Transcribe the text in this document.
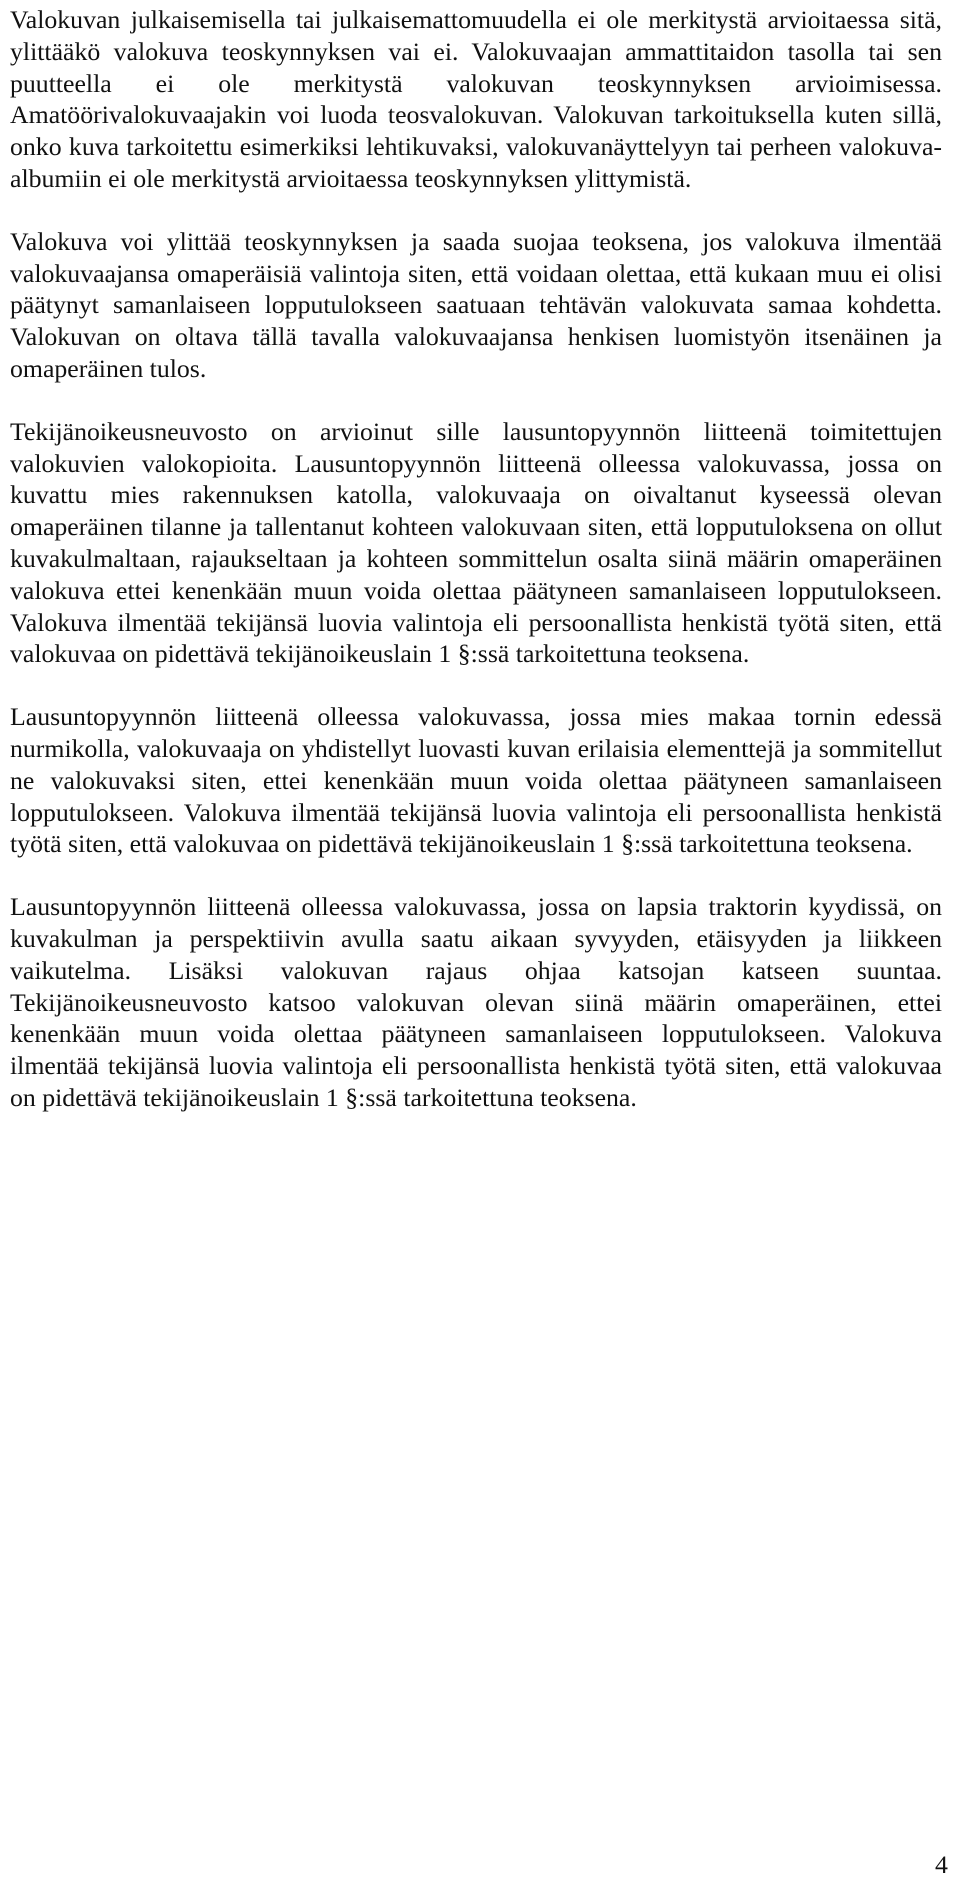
Valokuvan julkaisemisella tai julkaisemattomuudella ei ole merkitystä arvioitaessa sitä, ylittääkö valokuva teoskynnyksen vai ei. Valokuvaajan ammattitaidon tasolla tai sen puutteella ei ole merkitystä valokuvan teoskynnyksen arvioimisessa. Amatöörivalokuvaajakin voi luoda teosvalokuvan. Valokuvan tarkoituksella kuten sillä, onko kuva tarkoitettu esimerkiksi lehtikuvaksi, valokuvanäyttelyyn tai perheen valokuva-albumiin ei ole merkitystä arvioitaessa teoskynnyksen ylittymistä.

Valokuva voi ylittää teoskynnyksen ja saada suojaa teoksena, jos valokuva ilmentää valokuvaajansa omaperäisiä valintoja siten, että voidaan olettaa, että kukaan muu ei olisi päätynyt samanlaiseen lopputulokseen saatuaan tehtävän valokuvata samaa kohdetta. Valokuvan on oltava tällä tavalla valokuvaajansa henkisen luomistyön itsenäinen ja omaperäinen tulos.

Tekijänoikeusneuvosto on arvioinut sille lausuntopyynnön liitteenä toimitettujen valokuvien valokopioita. Lausuntopyynnön liitteenä olleessa valokuvassa, jossa on kuvattu mies rakennuksen katolla, valokuvaaja on oivaltanut kyseessä olevan omaperäinen tilanne ja tallentanut kohteen valokuvaan siten, että lopputuloksena on ollut kuvakulmaltaan, rajaukseltaan ja kohteen sommittelun osalta siinä määrin omaperäinen valokuva ettei kenenkään muun voida olettaa päätyneen samanlaiseen lopputulokseen. Valokuva ilmentää tekijänsä luovia valintoja eli persoonallista henkistä työtä siten, että valokuvaa on pidettävä tekijänoikeuslain 1 §:ssä tarkoitettuna teoksena.

Lausuntopyynnön liitteenä olleessa valokuvassa, jossa mies makaa tornin edessä nurmikolla, valokuvaaja on yhdistellyt luovasti kuvan erilaisia elementtejä ja sommitellut ne valokuvaksi siten, ettei kenenkään muun voida olettaa päätyneen samanlaiseen lopputulokseen. Valokuva ilmentää tekijänsä luovia valintoja eli persoonallista henkistä työtä siten, että valokuvaa on pidettävä tekijänoikeuslain 1 §:ssä tarkoitettuna teoksena.

Lausuntopyynnön liitteenä olleessa valokuvassa, jossa on lapsia traktorin kyydissä, on kuvakulman ja perspektiivin avulla saatu aikaan syvyyden, etäisyyden ja liikkeen vaikutelma. Lisäksi valokuvan rajaus ohjaa katsojan katseen suuntaa. Tekijänoikeusneuvosto katsoo valokuvan olevan siinä määrin omaperäinen, ettei kenenkään muun voida olettaa päätyneen samanlaiseen lopputulokseen. Valokuva ilmentää tekijänsä luovia valintoja eli persoonallista henkistä työtä siten, että valokuvaa on pidettävä tekijänoikeuslain 1 §:ssä tarkoitettuna teoksena.

4
